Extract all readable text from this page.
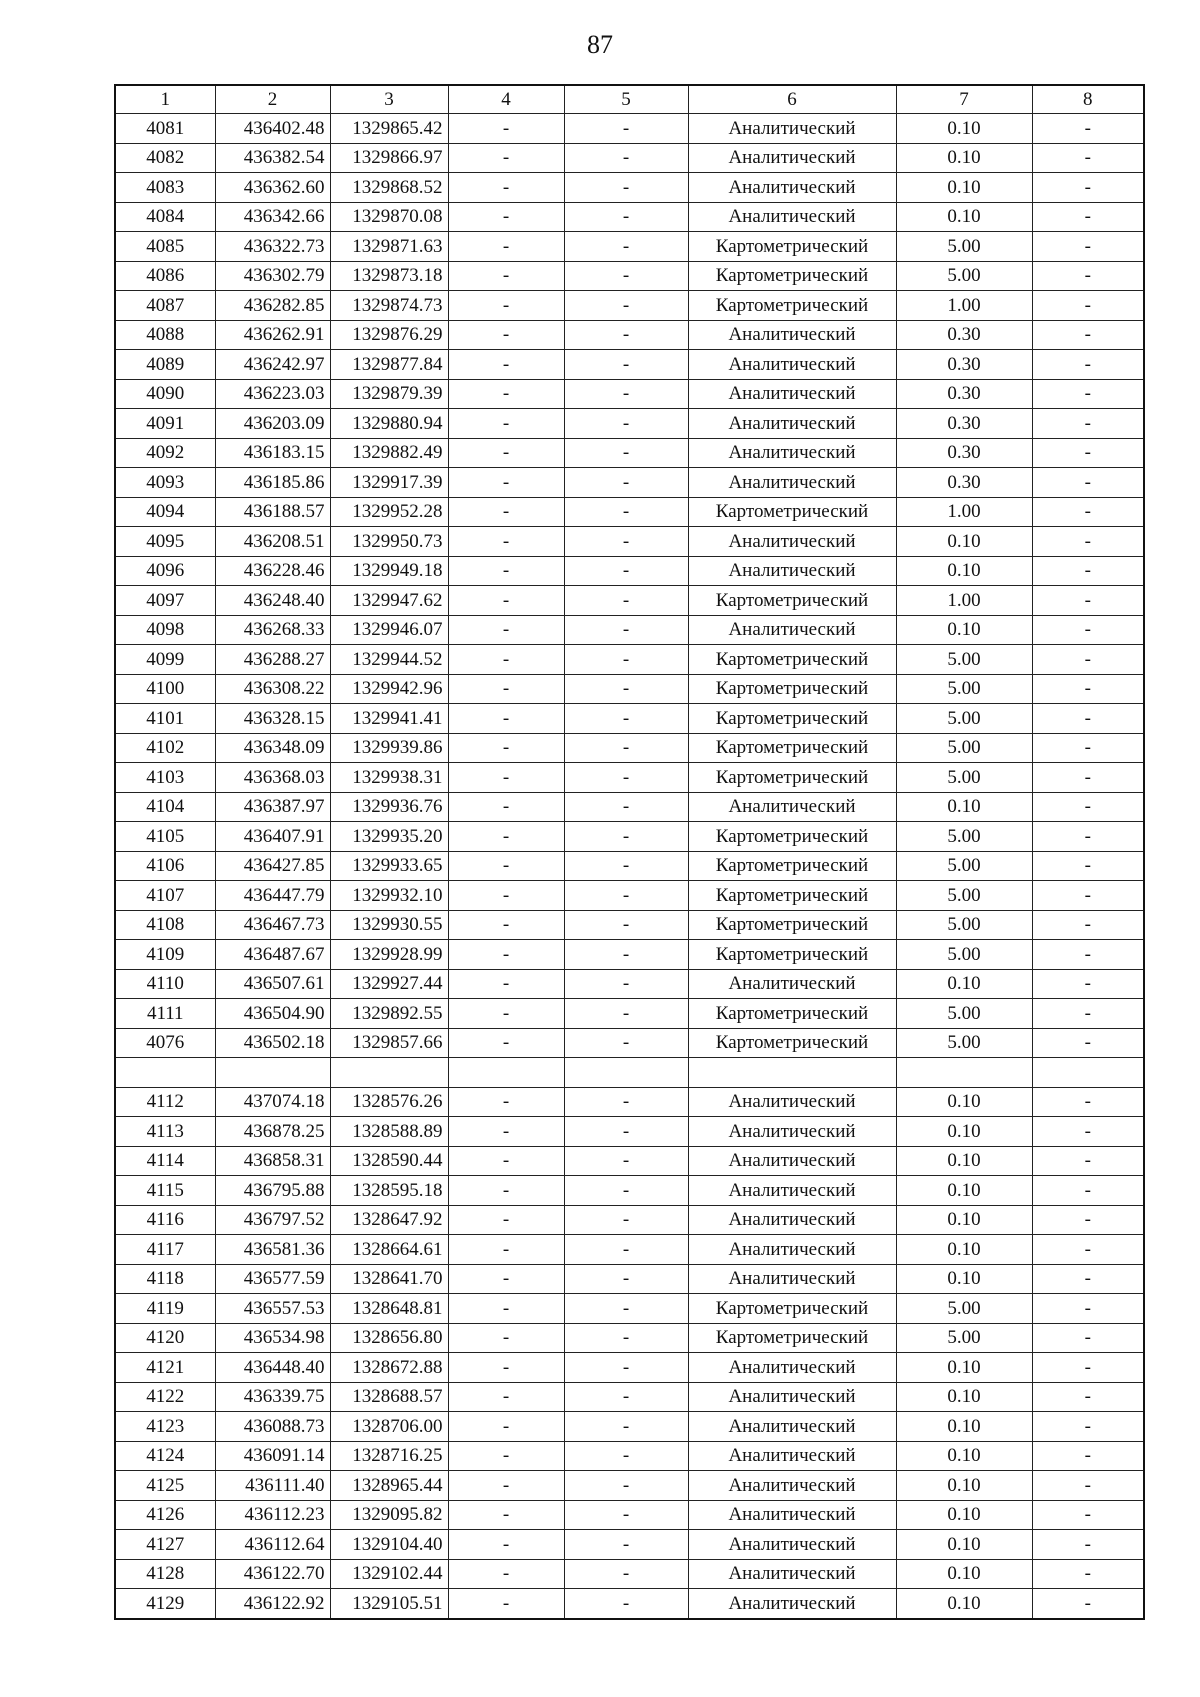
87
1	2	3	4	5	6	7	8
4081	436402.48	1329865.42	-	-	Аналитический	0.10	-
4082	436382.54	1329866.97	-	-	Аналитический	0.10	-
4083	436362.60	1329868.52	-	-	Аналитический	0.10	-
4084	436342.66	1329870.08	-	-	Аналитический	0.10	-
4085	436322.73	1329871.63	-	-	Картометрический	5.00	-
4086	436302.79	1329873.18	-	-	Картометрический	5.00	-
4087	436282.85	1329874.73	-	-	Картометрический	1.00	-
4088	436262.91	1329876.29	-	-	Аналитический	0.30	-
4089	436242.97	1329877.84	-	-	Аналитический	0.30	-
4090	436223.03	1329879.39	-	-	Аналитический	0.30	-
4091	436203.09	1329880.94	-	-	Аналитический	0.30	-
4092	436183.15	1329882.49	-	-	Аналитический	0.30	-
4093	436185.86	1329917.39	-	-	Аналитический	0.30	-
4094	436188.57	1329952.28	-	-	Картометрический	1.00	-
4095	436208.51	1329950.73	-	-	Аналитический	0.10	-
4096	436228.46	1329949.18	-	-	Аналитический	0.10	-
4097	436248.40	1329947.62	-	-	Картометрический	1.00	-
4098	436268.33	1329946.07	-	-	Аналитический	0.10	-
4099	436288.27	1329944.52	-	-	Картометрический	5.00	-
4100	436308.22	1329942.96	-	-	Картометрический	5.00	-
4101	436328.15	1329941.41	-	-	Картометрический	5.00	-
4102	436348.09	1329939.86	-	-	Картометрический	5.00	-
4103	436368.03	1329938.31	-	-	Картометрический	5.00	-
4104	436387.97	1329936.76	-	-	Аналитический	0.10	-
4105	436407.91	1329935.20	-	-	Картометрический	5.00	-
4106	436427.85	1329933.65	-	-	Картометрический	5.00	-
4107	436447.79	1329932.10	-	-	Картометрический	5.00	-
4108	436467.73	1329930.55	-	-	Картометрический	5.00	-
4109	436487.67	1329928.99	-	-	Картометрический	5.00	-
4110	436507.61	1329927.44	-	-	Аналитический	0.10	-
4111	436504.90	1329892.55	-	-	Картометрический	5.00	-
4076	436502.18	1329857.66	-	-	Картометрический	5.00	-

4112	437074.18	1328576.26	-	-	Аналитический	0.10	-
4113	436878.25	1328588.89	-	-	Аналитический	0.10	-
4114	436858.31	1328590.44	-	-	Аналитический	0.10	-
4115	436795.88	1328595.18	-	-	Аналитический	0.10	-
4116	436797.52	1328647.92	-	-	Аналитический	0.10	-
4117	436581.36	1328664.61	-	-	Аналитический	0.10	-
4118	436577.59	1328641.70	-	-	Аналитический	0.10	-
4119	436557.53	1328648.81	-	-	Картометрический	5.00	-
4120	436534.98	1328656.80	-	-	Картометрический	5.00	-
4121	436448.40	1328672.88	-	-	Аналитический	0.10	-
4122	436339.75	1328688.57	-	-	Аналитический	0.10	-
4123	436088.73	1328706.00	-	-	Аналитический	0.10	-
4124	436091.14	1328716.25	-	-	Аналитический	0.10	-
4125	436111.40	1328965.44	-	-	Аналитический	0.10	-
4126	436112.23	1329095.82	-	-	Аналитический	0.10	-
4127	436112.64	1329104.40	-	-	Аналитический	0.10	-
4128	436122.70	1329102.44	-	-	Аналитический	0.10	-
4129	436122.92	1329105.51	-	-	Аналитический	0.10	-
